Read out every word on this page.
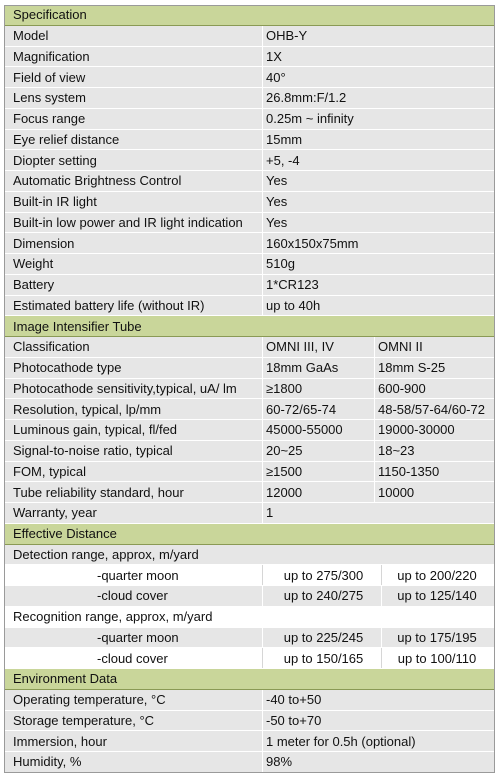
Specification
Model	OHB-Y
Magnification	1X
Field of view	40°
Lens system	26.8mm:F/1.2
Focus range	0.25m ~ infinity
Eye relief distance	15mm
Diopter setting	+5, -4
Automatic Brightness Control	Yes
Built-in IR light	Yes
Built-in low power and IR light indication	Yes
Dimension	160x150x75mm
Weight	510g
Battery	1*CR123
Estimated battery life (without IR)	up to 40h
Image Intensifier Tube
Classification	OMNI III, IV	OMNI II
Photocathode type	18mm GaAs	18mm S-25
Photocathode sensitivity,typical, uA/ lm	≥1800	600-900
Resolution, typical, lp/mm	60-72/65-74	48-58/57-64/60-72
Luminous gain, typical, fl/fed	45000-55000	19000-30000
Signal-to-noise ratio, typical	20~25	18~23
FOM, typical	≥1500	1150-1350
Tube reliability standard, hour	12000	10000
Warranty, year	1
Effective Distance
Detection range, approx, m/yard
-quarter moon	up to 275/300	up to 200/220
-cloud cover	up to 240/275	up to 125/140
Recognition range, approx, m/yard
-quarter moon	up to 225/245	up to 175/195
-cloud cover	up to 150/165	up to 100/110
Environment Data
Operating temperature, °C	-40 to+50
Storage temperature, °C	-50 to+70
Immersion, hour	1 meter for 0.5h (optional)
Humidity, %	98%
